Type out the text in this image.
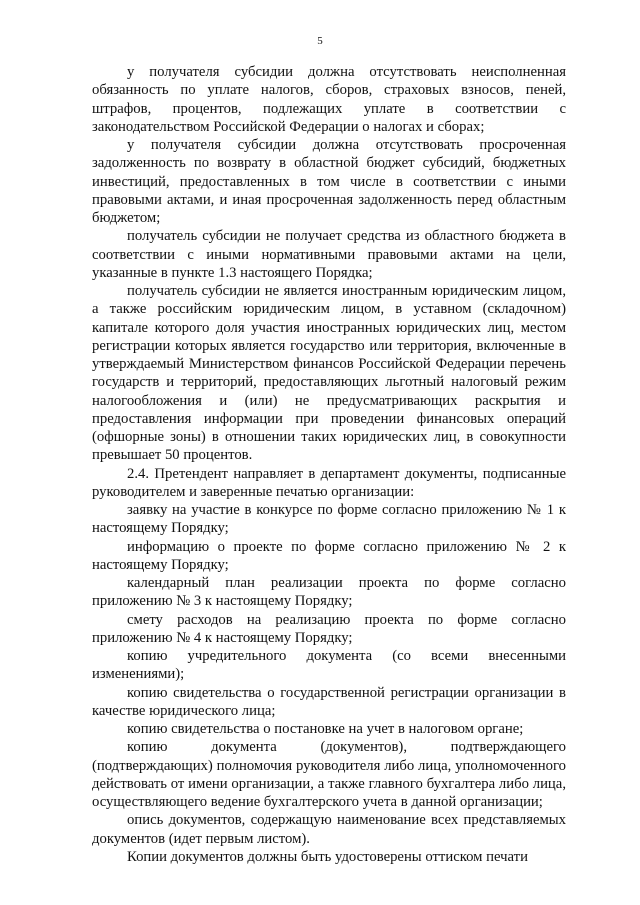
5

у получателя субсидии должна отсутствовать неисполненная обязанность по уплате налогов, сборов, страховых взносов, пеней, штрафов, процентов, подлежащих уплате в соответствии с законодательством Российской Федерации о налогах и сборах;

у получателя субсидии должна отсутствовать просроченная задолженность по возврату в областной бюджет субсидий, бюджетных инвестиций, предоставленных в том числе в соответствии с иными правовыми актами, и иная просроченная задолженность перед областным бюджетом;

получатель субсидии не получает средства из областного бюджета в соответствии с иными нормативными правовыми актами на цели, указанные в пункте 1.3 настоящего Порядка;

получатель субсидии не является иностранным юридическим лицом, а также российским юридическим лицом, в уставном (складочном) капитале которого доля участия иностранных юридических лиц, местом регистрации которых является государство или территория, включенные в утверждаемый Министерством финансов Российской Федерации перечень государств и территорий, предоставляющих льготный налоговый режим налогообложения и (или) не предусматривающих раскрытия и предоставления информации при проведении финансовых операций (офшорные зоны) в отношении таких юридических лиц, в совокупности превышает 50 процентов.

2.4. Претендент направляет в департамент документы, подписанные руководителем и заверенные печатью организации:

заявку на участие в конкурсе по форме согласно приложению № 1 к настоящему Порядку;

информацию о проекте по форме согласно приложению № 2 к настоящему Порядку;

календарный план реализации проекта по форме согласно приложению № 3 к настоящему Порядку;

смету расходов на реализацию проекта по форме согласно приложению № 4 к настоящему Порядку;

копию учредительного документа (со всеми внесенными изменениями);

копию свидетельства о государственной регистрации организации в качестве юридического лица;

копию свидетельства о постановке на учет в налоговом органе;

копию документа (документов), подтверждающего (подтверждающих) полномочия руководителя либо лица, уполномоченного действовать от имени организации, а также главного бухгалтера либо лица, осуществляющего ведение бухгалтерского учета в данной организации;

опись документов, содержащую наименование всех представляемых документов (идет первым листом).

Копии документов должны быть удостоверены оттиском печати
